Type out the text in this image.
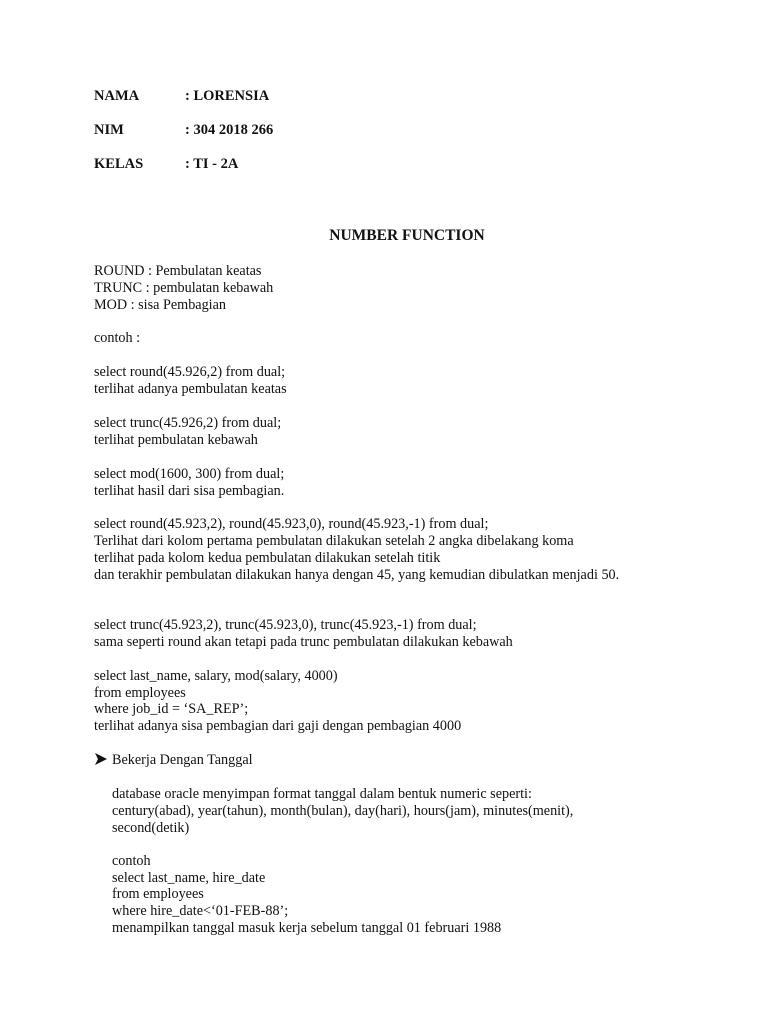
NAMA	: LORENSIA
NIM	: 304 2018 266
KELAS	: TI - 2A
NUMBER FUNCTION
ROUND : Pembulatan keatas
TRUNC : pembulatan kebawah
MOD : sisa Pembagian
contoh :
select round(45.926,2) from dual;
terlihat adanya pembulatan keatas
select trunc(45.926,2) from dual;
terlihat pembulatan kebawah
select mod(1600, 300) from dual;
terlihat hasil dari sisa pembagian.
select round(45.923,2), round(45.923,0), round(45.923,-1) from dual;
Terlihat dari kolom pertama pembulatan dilakukan setelah 2 angka dibelakang koma
terlihat pada kolom kedua pembulatan dilakukan setelah titik
dan terakhir pembulatan dilakukan hanya dengan 45, yang kemudian dibulatkan menjadi 50.
select trunc(45.923,2), trunc(45.923,0), trunc(45.923,-1) from dual;
sama seperti round akan tetapi pada trunc pembulatan dilakukan kebawah
select last_name, salary, mod(salary, 4000)
from employees
where job_id = ‘SA_REP’;
terlihat adanya sisa pembagian dari gaji dengan pembagian 4000
Bekerja Dengan Tanggal
database oracle menyimpan format tanggal dalam bentuk numeric seperti:
century(abad), year(tahun), month(bulan), day(hari), hours(jam), minutes(menit),
second(detik)
contoh
select last_name, hire_date
from employees
where hire_date<‘01-FEB-88’;
menampilkan tanggal masuk kerja sebelum tanggal 01 februari 1988
